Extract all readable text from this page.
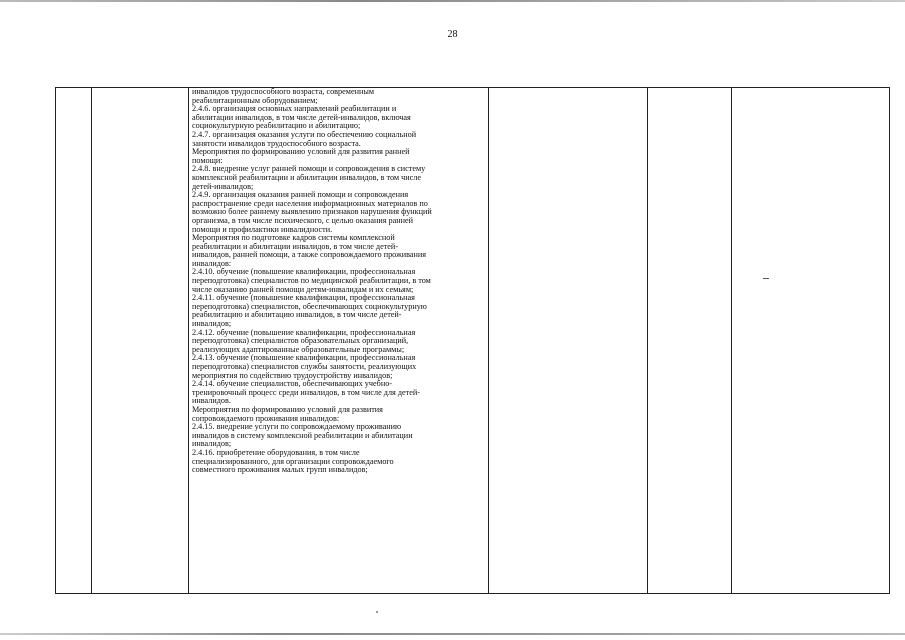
28

инвалидов трудоспособного возраста, современным
реабилитационным оборудованием;
2.4.6. организация основных направлений реабилитации и
абилитации инвалидов, в том числе детей-инвалидов, включая
социокультурную реабилитацию и абилитацию;
2.4.7. организация оказания услуги по обеспечению социальной
занятости инвалидов трудоспособного возраста.
Мероприятия по формированию условий для развития ранней
помощи:
2.4.8. внедрение услуг ранней помощи и сопровождения в систему
комплексной реабилитации и абилитации инвалидов, в том числе
детей-инвалидов;
2.4.9. организация оказания ранней помощи и сопровождения
распространение среди населения информационных материалов по
возможно более раннему выявлению признаков нарушения функций
организма, в том числе психического, с целью оказания ранней
помощи и профилактики инвалидности.
Мероприятия по подготовке кадров системы комплексной
реабилитации и абилитации инвалидов, в том числе детей-
инвалидов, ранней помощи, а также сопровождаемого проживания
инвалидов:
2.4.10. обучение (повышение квалификации, профессиональная
переподготовка) специалистов по медицинской реабилитации, в том
числе оказанию ранней помощи детям-инвалидам и их семьям;
2.4.11. обучение (повышение квалификации, профессиональная
переподготовка) специалистов, обеспечивающих социокультурную
реабилитацию и абилитацию инвалидов, в том числе детей-
инвалидов;
2.4.12. обучение (повышение квалификации, профессиональная
переподготовка) специалистов образовательных организаций,
реализующих адаптированные образовательные программы;
2.4.13. обучение (повышение квалификации, профессиональная
переподготовка) специалистов службы занятости, реализующих
мероприятия по содействию трудоустройству инвалидов;
2.4.14. обучение специалистов, обеспечивающих учебно-
тренировочный процесс среди инвалидов, в том числе для детей-
инвалидов.
Мероприятия по формированию условий для развития
сопровождаемого проживания инвалидов:
2.4.15. внедрение услуги по сопровождаемому проживанию
инвалидов в систему комплексной реабилитации и абилитации
инвалидов;
2.4.16. приобретение оборудования, в том числе
специализированного, для организации сопровождаемого
совместного проживания малых групп инвалидов;
